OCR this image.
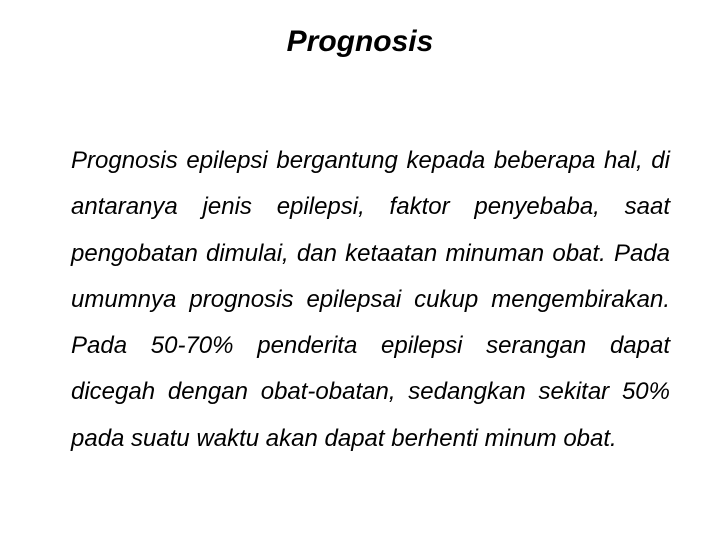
Prognosis

Prognosis epilepsi bergantung kepada beberapa hal, di antaranya jenis epilepsi, faktor penyebaba, saat pengobatan dimulai, dan ketaatan minuman obat. Pada umumnya prognosis epilepsai cukup mengembirakan. Pada 50-70% penderita epilepsi serangan dapat dicegah dengan obat-obatan, sedangkan sekitar 50% pada suatu waktu akan dapat berhenti minum obat.
